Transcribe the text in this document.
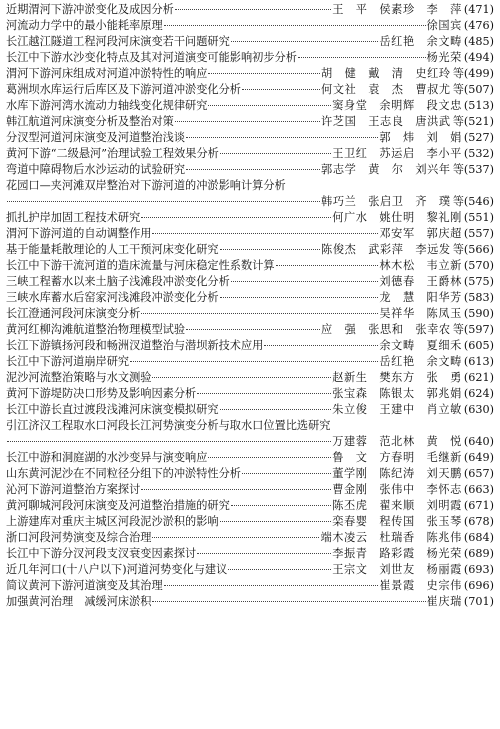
近期渭河下游冲淤变化及成因分析	王　平　侯素珍　李　萍 (471)
河流动力学中的最小能耗率原理	徐国宾 (476)
长江越江隧道工程河段河床演变若干问题研究	岳红艳　余文畴 (485)
长江中下游水沙变化特点及其对河道演变可能影响初步分析	杨光荣 (494)
渭河下游河床组成对河道冲淤特性的响应	胡　健　戴　清　史红玲 等(499)
葛洲坝水库运行后库区及下游河道冲淤变化分析	何文社　袁　杰　曹叔尤 等(507)
水库下游河湾水流动力轴线变化规律研究	窦身堂　余明辉　段文忠 (513)
韩江航道河床演变分析及整治对策	许芝国　王志良　唐洪武 等(521)
分汊型河道河床演变及河道整治浅谈	郭　炜　刘　娟 (527)
黄河下游“二级悬河”治理试验工程效果分析	王卫红　苏运启　李小平 (532)
弯道中障碍物后水沙运动的试验研究	郭志学　黄　尔　刘兴年 等(537)
花园口—夹河滩双岸整治对下游河道的冲淤影响计算分析
韩巧兰　张启卫　齐　璞 等(546)
抓扎护岸加固工程技术研究	何广水　姚仕明　黎礼刚 (551)
渭河下游河道的自动调整作用	邓安军　郭庆超 (557)
基于能量耗散理论的人工干预河床变化研究	陈俊杰　武彩萍　李远发 等(566)
长江中下游干流河道的造床流量与河床稳定性系数计算	林木松　韦立新 (570)
三峡工程蓄水以来土脑子浅滩段冲淤变化分析	刘德春　王爵林 (575)
三峡水库蓄水后窑家河浅滩段冲淤变化分析	龙　慧　阳华芳 (583)
长江澄通河段河床演变分析	吴祥华　陈凤玉 (590)
黄河红柳沟滩航道整治物理模型试验	应　强　张思和　张幸农 等(597)
长江下游镇扬河段和畅洲汊道整治与潜坝新技术应用	余文畴　夏细禾 (605)
长江中下游河道崩岸研究	岳红艳　余文畴 (613)
泥沙河流整治策略与水文测验	赵新生　樊东方　张　勇 (621)
黄河下游堤防决口形势及影响因素分析	张宝森　陈银太　郭兆娟 (624)
长江中游长直过渡段浅滩河床演变模拟研究	朱立俊　王建中　肖立敏 (630)
引江济汉工程取水口河段长江河势演变分析与取水口位置比选研究
万建蓉　范北林　黄　悦 (640)
长江中游和洞庭湖的水沙变异与演变响应	鲁　文　方春明　毛继新 (649)
山东黄河泥沙在不同粒径分组下的冲淤特性分析	董学刚　陈纪涛　刘天鹏 (657)
沁河下游河道整治方案探讨	曹金刚　张伟中　李怀志 (663)
黄河聊城河段河床演变及河道整治措施的研究	陈丕虎　翟来顺　刘明霞 (671)
上游建库对重庆主城区河段泥沙淤积的影响	栾春婴　程传国　张玉琴 (678)
浙口河段河势演变及综合治理	端木凌云　杜瑞香　陈兆伟 (684)
长江中下游分汊河段支汊衰变因素探讨	李振青　路彩霞　杨光荣 (689)
近几年河口(十八户以下)河道河势变化与建议	王宗文　刘世友　杨丽霞 (693)
简议黄河下游河道演变及其治理	崔景霞　史宗伟 (696)
加强黄河治理　减缓河床淤积	崔庆瑞 (701)
